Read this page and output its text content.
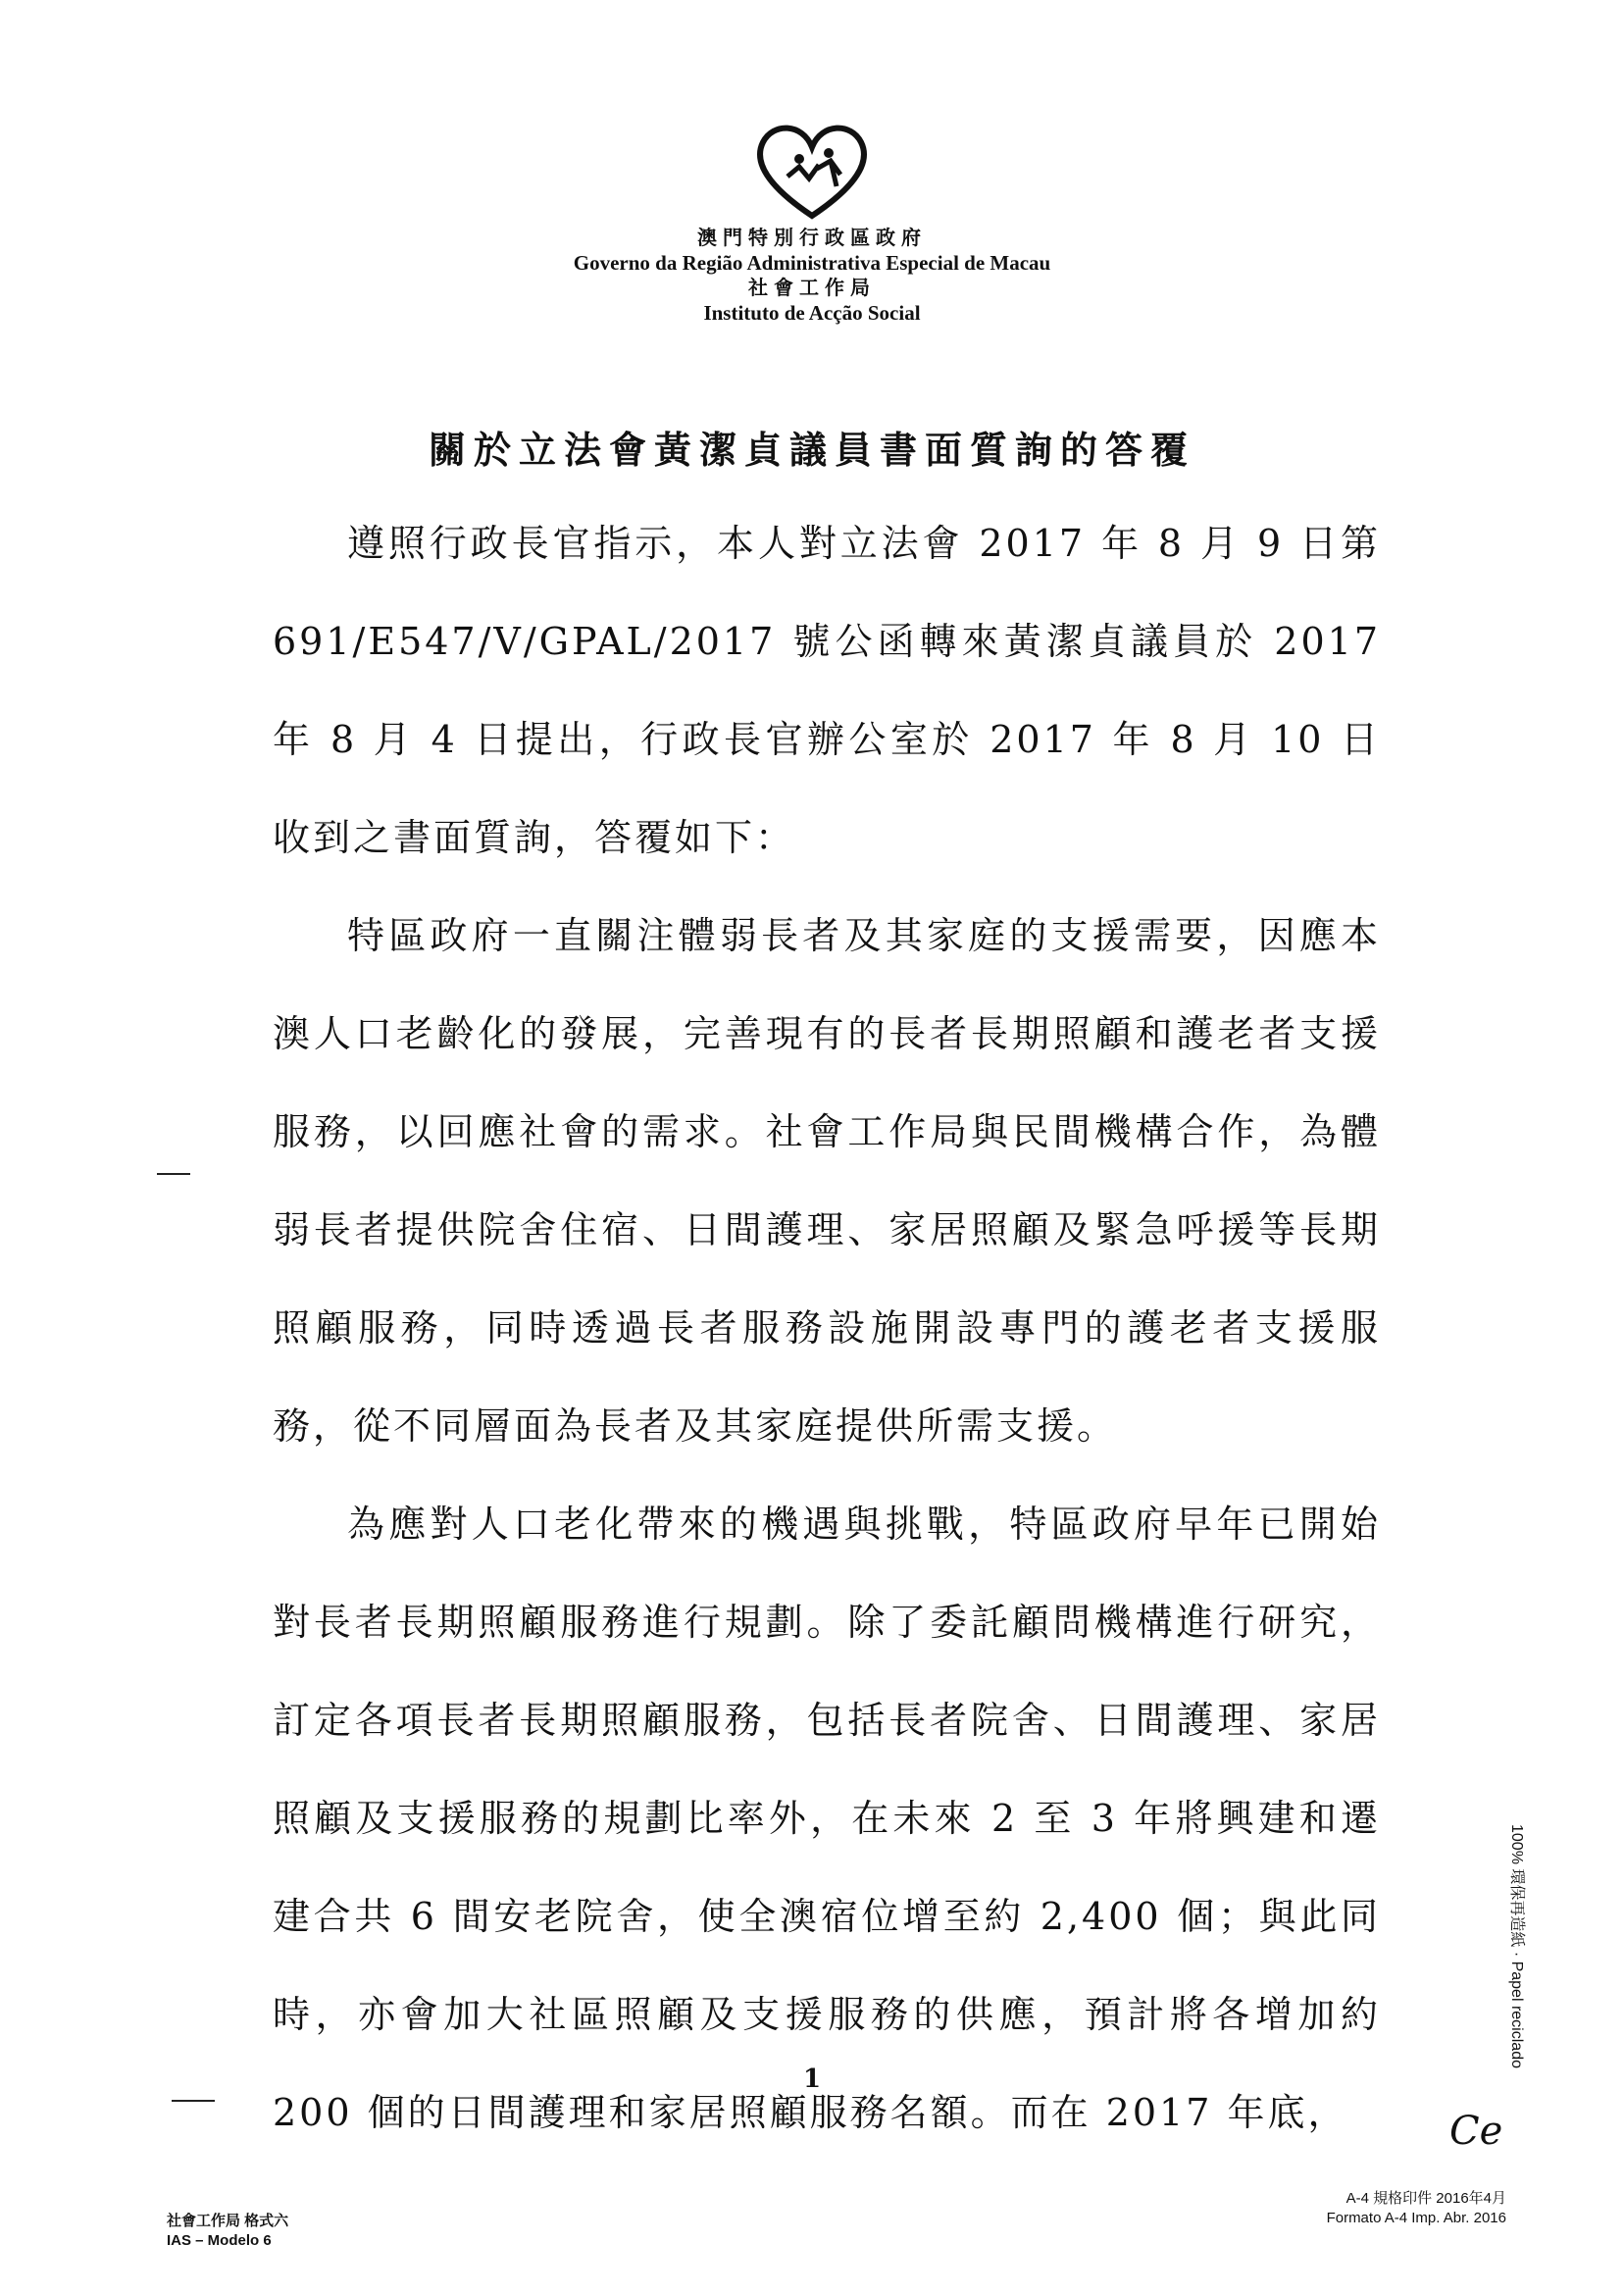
澳門特別行政區政府
Governo da Região Administrativa Especial de Macau
社會工作局
Instituto de Acção Social
關於立法會黃潔貞議員書面質詢的答覆

遵照行政長官指示，本人對立法會 2017 年 8 月 9 日第 691/E547/V/GPAL/2017 號公函轉來黃潔貞議員於 2017 年 8 月 4 日提出，行政長官辦公室於 2017 年 8 月 10 日收到之書面質詢，答覆如下：

特區政府一直關注體弱長者及其家庭的支援需要，因應本澳人口老齡化的發展，完善現有的長者長期照顧和護老者支援服務，以回應社會的需求。社會工作局與民間機構合作，為體弱長者提供院舍住宿、日間護理、家居照顧及緊急呼援等長期照顧服務，同時透過長者服務設施開設專門的護老者支援服務，從不同層面為長者及其家庭提供所需支援。

為應對人口老化帶來的機遇與挑戰，特區政府早年已開始對長者長期照顧服務進行規劃。除了委託顧問機構進行研究，訂定各項長者長期照顧服務，包括長者院舍、日間護理、家居照顧及支援服務的規劃比率外，在未來 2 至 3 年將興建和遷建合共 6 間安老院舍，使全澳宿位增至約 2,400 個；與此同時，亦會加大社區照顧及支援服務的供應，預計將各增加約 200 個的日間護理和家居照顧服務名額。而在 2017 年底，

1
100% 環保再造紙 · Papel reciclado
Ce
社會工作局 格式六
IAS – Modelo 6
A-4 規格印件 2016年4月
Formato A-4 Imp. Abr. 2016
